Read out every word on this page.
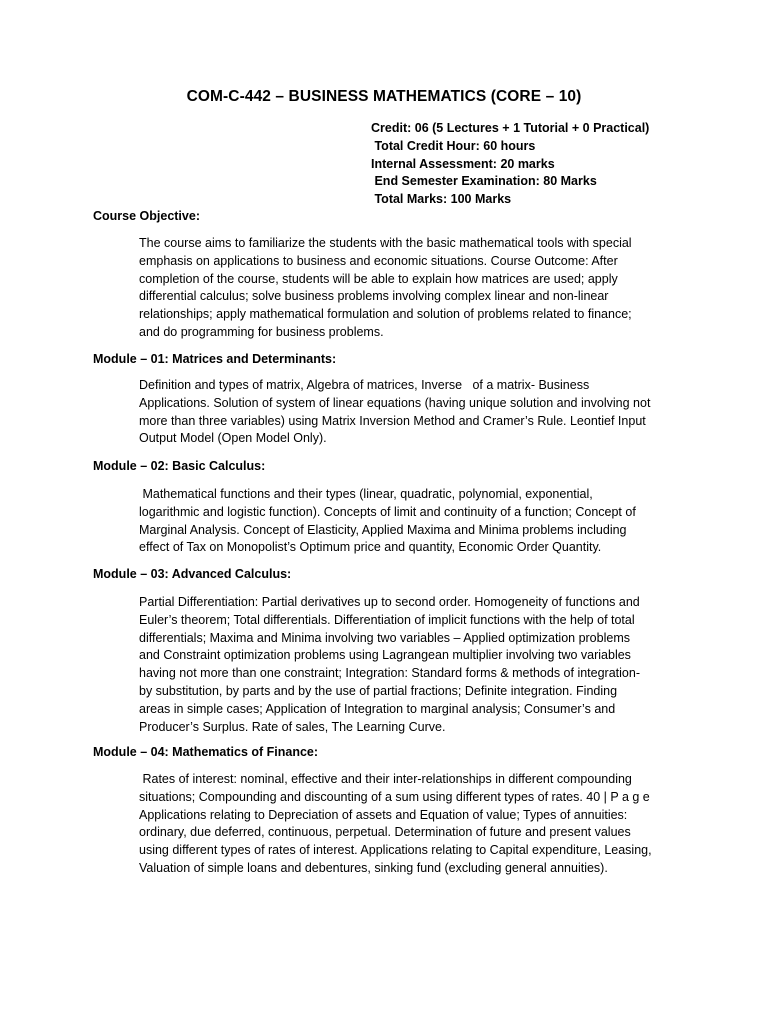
COM-C-442 – BUSINESS MATHEMATICS (CORE – 10)
Credit: 06 (5 Lectures + 1 Tutorial + 0 Practical)
Total Credit Hour: 60 hours
Internal Assessment: 20 marks
End Semester Examination: 80 Marks
Total Marks: 100 Marks
Course Objective:
The course aims to familiarize the students with the basic mathematical tools with special
emphasis on applications to business and economic situations. Course Outcome: After
completion of the course, students will be able to explain how matrices are used; apply
differential calculus; solve business problems involving complex linear and non-linear
relationships; apply mathematical formulation and solution of problems related to finance;
and do programming for business problems.
Module – 01: Matrices and Determinants:
Definition and types of matrix, Algebra of matrices, Inverse   of a matrix- Business
Applications. Solution of system of linear equations (having unique solution and involving not
more than three variables) using Matrix Inversion Method and Cramer’s Rule. Leontief Input
Output Model (Open Model Only).
Module – 02: Basic Calculus:
Mathematical functions and their types (linear, quadratic, polynomial, exponential,
logarithmic and logistic function). Concepts of limit and continuity of a function; Concept of
Marginal Analysis. Concept of Elasticity, Applied Maxima and Minima problems including
effect of Tax on Monopolist’s Optimum price and quantity, Economic Order Quantity.
Module – 03: Advanced Calculus:
Partial Differentiation: Partial derivatives up to second order. Homogeneity of functions and
Euler’s theorem; Total differentials. Differentiation of implicit functions with the help of total
differentials; Maxima and Minima involving two variables – Applied optimization problems
and Constraint optimization problems using Lagrangean multiplier involving two variables
having not more than one constraint; Integration: Standard forms & methods of integration-
by substitution, by parts and by the use of partial fractions; Definite integration. Finding
areas in simple cases; Application of Integration to marginal analysis; Consumer’s and
Producer’s Surplus. Rate of sales, The Learning Curve.
Module – 04: Mathematics of Finance:
Rates of interest: nominal, effective and their inter-relationships in different compounding
situations; Compounding and discounting of a sum using different types of rates. 40 | P a g e
Applications relating to Depreciation of assets and Equation of value; Types of annuities:
ordinary, due deferred, continuous, perpetual. Determination of future and present values
using different types of rates of interest. Applications relating to Capital expenditure, Leasing,
Valuation of simple loans and debentures, sinking fund (excluding general annuities).
